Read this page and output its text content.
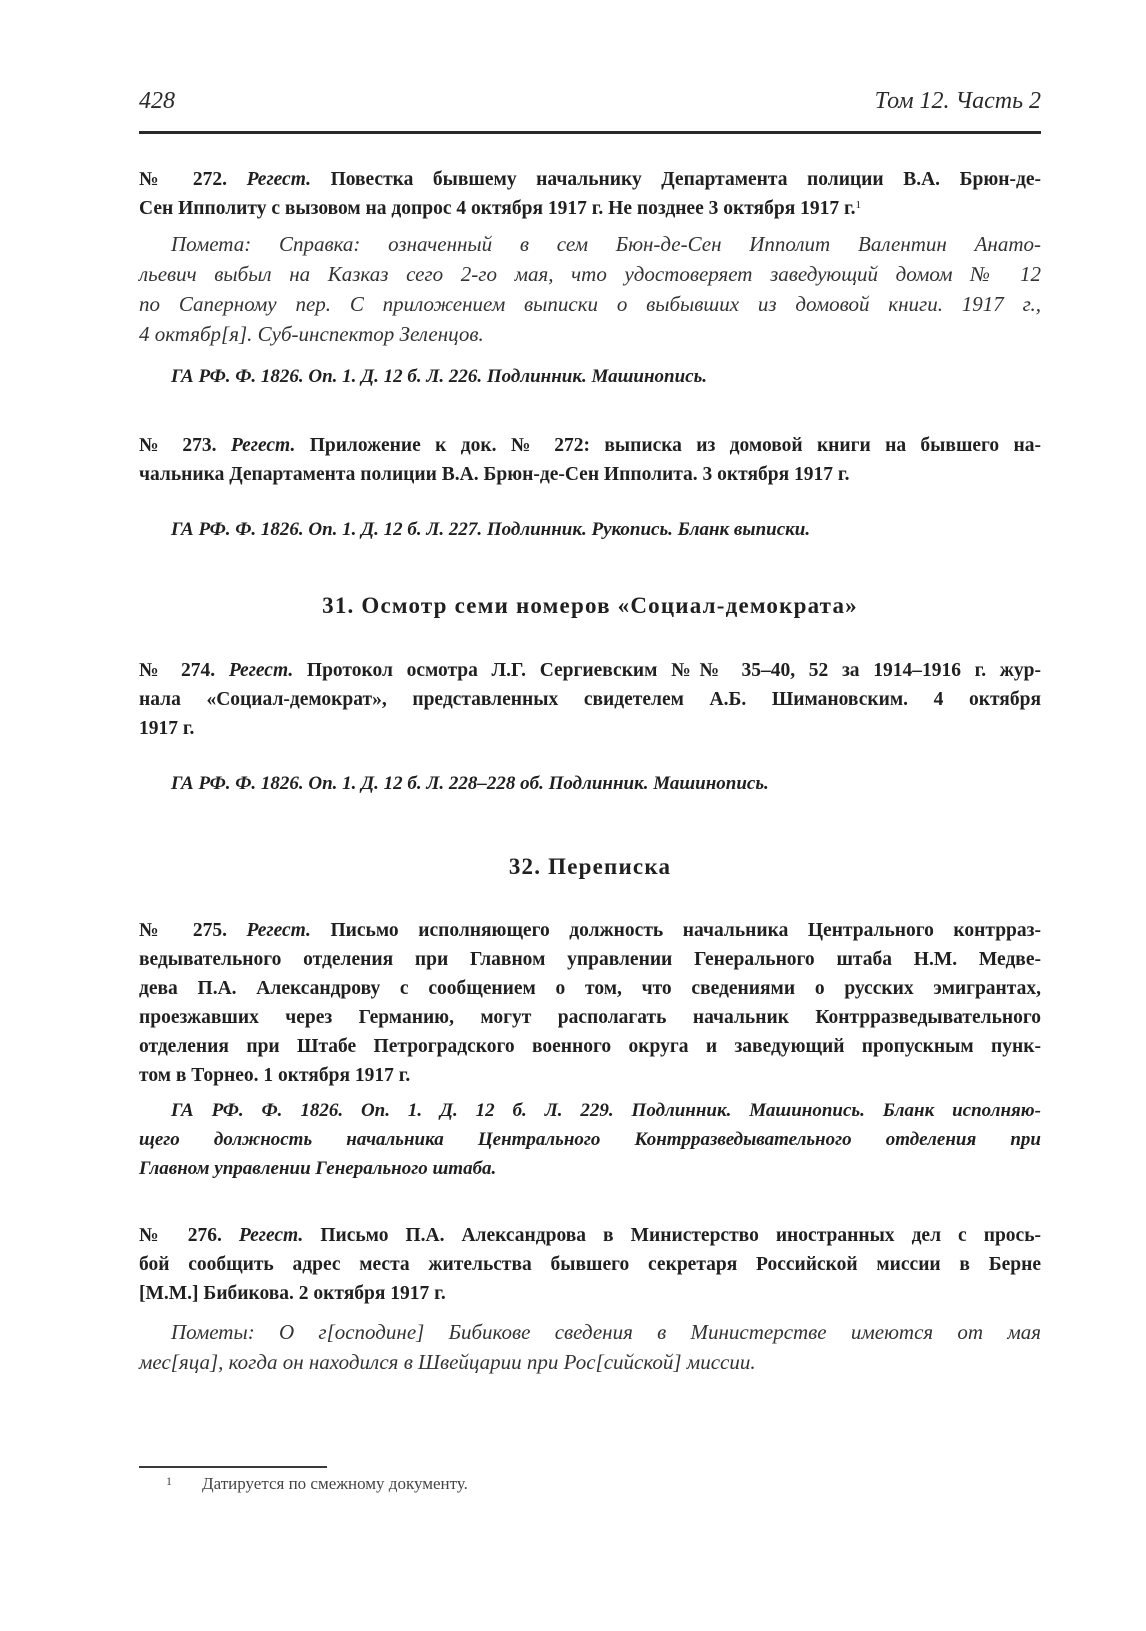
428	Том 12. Часть 2
№ 272. Регест. Повестка бывшему начальнику Департамента полиции В.А. Брюн-де-
Сен Ипполиту с вызовом на допрос 4 октября 1917 г. Не позднее 3 октября 1917 г.$^1$
Помета: Справка: означенный в сем Бюн-де-Сен Ипполит Валентин Анато-
льевич выбыл на Казказ сего 2-го мая, что удостоверяет заведующий домом № 12
по Саперному пер. С приложением выписки о выбывших из домовой книги. 1917 г.,
4 октябр[я]. Суб-инспектор Зеленцов.
ГА РФ. Ф. 1826. Оп. 1. Д. 12 б. Л. 226. Подлинник. Машинопись.
№ 273. Регест. Приложение к док. № 272: выписка из домовой книги на бывшего на-
чальника Департамента полиции В.А. Брюн-де-Сен Ипполита. 3 октября 1917 г.
ГА РФ. Ф. 1826. Оп. 1. Д. 12 б. Л. 227. Подлинник. Рукопись. Бланк выписки.
31. Осмотр семи номеров «Социал-демократа»
№ 274. Регест. Протокол осмотра Л.Г. Сергиевским №№ 35–40, 52 за 1914–1916 г. жур-
нала «Социал-демократ», представленных свидетелем А.Б. Шимановским. 4 октября
1917 г.
ГА РФ. Ф. 1826. Оп. 1. Д. 12 б. Л. 228–228 об. Подлинник. Машинопись.
32. Переписка
№ 275. Регест. Письмо исполняющего должность начальника Центрального контрраз-
ведывательного отделения при Главном управлении Генерального штаба Н.М. Медве-
дева П.А. Александрову с сообщением о том, что сведениями о русских эмигрантах,
проезжавших через Германию, могут располагать начальник Контрразведывательного
отделения при Штабе Петроградского военного округа и заведующий пропускным пунк-
том в Торнео. 1 октября 1917 г.
ГА РФ. Ф. 1826. Оп. 1. Д. 12 б. Л. 229. Подлинник. Машинопись. Бланк исполняю-
щего должность начальника Центрального Контрразведывательного отделения при
Главном управлении Генерального штаба.
№ 276. Регест. Письмо П.А. Александрова в Министерство иностранных дел с прось-
бой сообщить адрес места жительства бывшего секретаря Российской миссии в Берне
[М.М.] Бибикова. 2 октября 1917 г.
Пометы: О г[осподине] Бибикове сведения в Министерстве имеются от мая
мес[яца], когда он находился в Швейцарии при Рос[сийской] миссии.
1 Датируется по смежному документу.
